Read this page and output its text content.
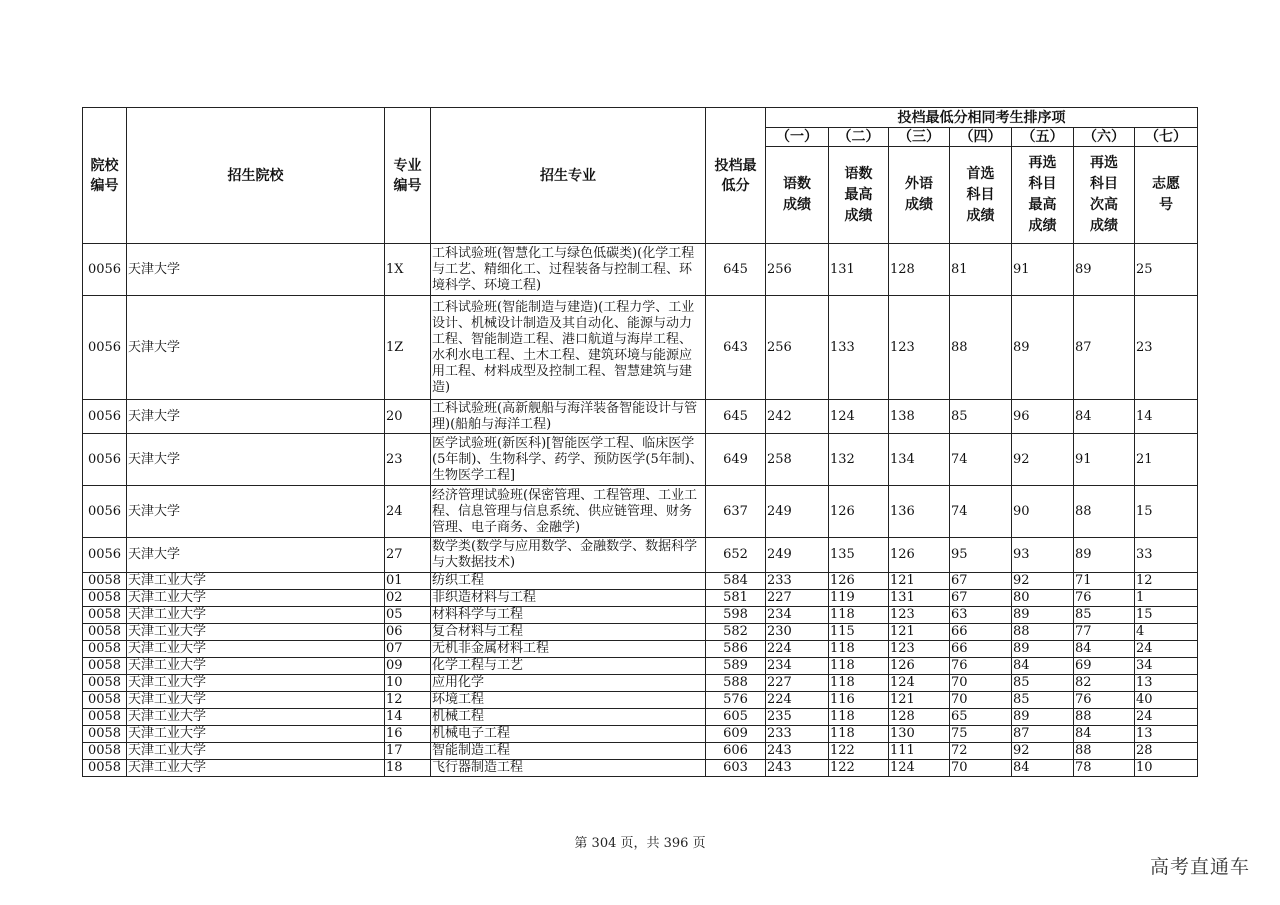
院校编号	招生院校	专业编号	招生专业	投档最低分	投档最低分相同考生排序项						
					（一）	（二）	（三）	（四）	（五）	（六）	（七）
					语数成绩	语数最高成绩	外语成绩	首选科目成绩	再选科目最高成绩	再选科目次高成绩	志愿号
0056	天津大学	1X	工科试验班(智慧化工与绿色低碳类)(化学工程与工艺、精细化工、过程装备与控制工程、环境科学、环境工程)	645	256	131	128	81	91	89	25
0056	天津大学	1Z	工科试验班(智能制造与建造)(工程力学、工业设计、机械设计制造及其自动化、能源与动力工程、智能制造工程、港口航道与海岸工程、水利水电工程、土木工程、建筑环境与能源应用工程、材料成型及控制工程、智慧建筑与建造)	643	256	133	123	88	89	87	23
0056	天津大学	20	工科试验班(高新舰船与海洋装备智能设计与管理)(船舶与海洋工程)	645	242	124	138	85	96	84	14
0056	天津大学	23	医学试验班(新医科)[智能医学工程、临床医学(5年制)、生物科学、药学、预防医学(5年制)、生物医学工程]	649	258	132	134	74	92	91	21
0056	天津大学	24	经济管理试验班(保密管理、工程管理、工业工程、信息管理与信息系统、供应链管理、财务管理、电子商务、金融学)	637	249	126	136	74	90	88	15
0056	天津大学	27	数学类(数学与应用数学、金融数学、数据科学与大数据技术)	652	249	135	126	95	93	89	33
0058	天津工业大学	01	纺织工程	584	233	126	121	67	92	71	12
0058	天津工业大学	02	非织造材料与工程	581	227	119	131	67	80	76	1
0058	天津工业大学	05	材料科学与工程	598	234	118	123	63	89	85	15
0058	天津工业大学	06	复合材料与工程	582	230	115	121	66	88	77	4
0058	天津工业大学	07	无机非金属材料工程	586	224	118	123	66	89	84	24
0058	天津工业大学	09	化学工程与工艺	589	234	118	126	76	84	69	34
0058	天津工业大学	10	应用化学	588	227	118	124	70	85	82	13
0058	天津工业大学	12	环境工程	576	224	116	121	70	85	76	40
0058	天津工业大学	14	机械工程	605	235	118	128	65	89	88	24
0058	天津工业大学	16	机械电子工程	609	233	118	130	75	87	84	13
0058	天津工业大学	17	智能制造工程	606	243	122	111	72	92	88	28
0058	天津工业大学	18	飞行器制造工程	603	243	122	124	70	84	78	10
第 304 页，共 396 页
高考直通车
